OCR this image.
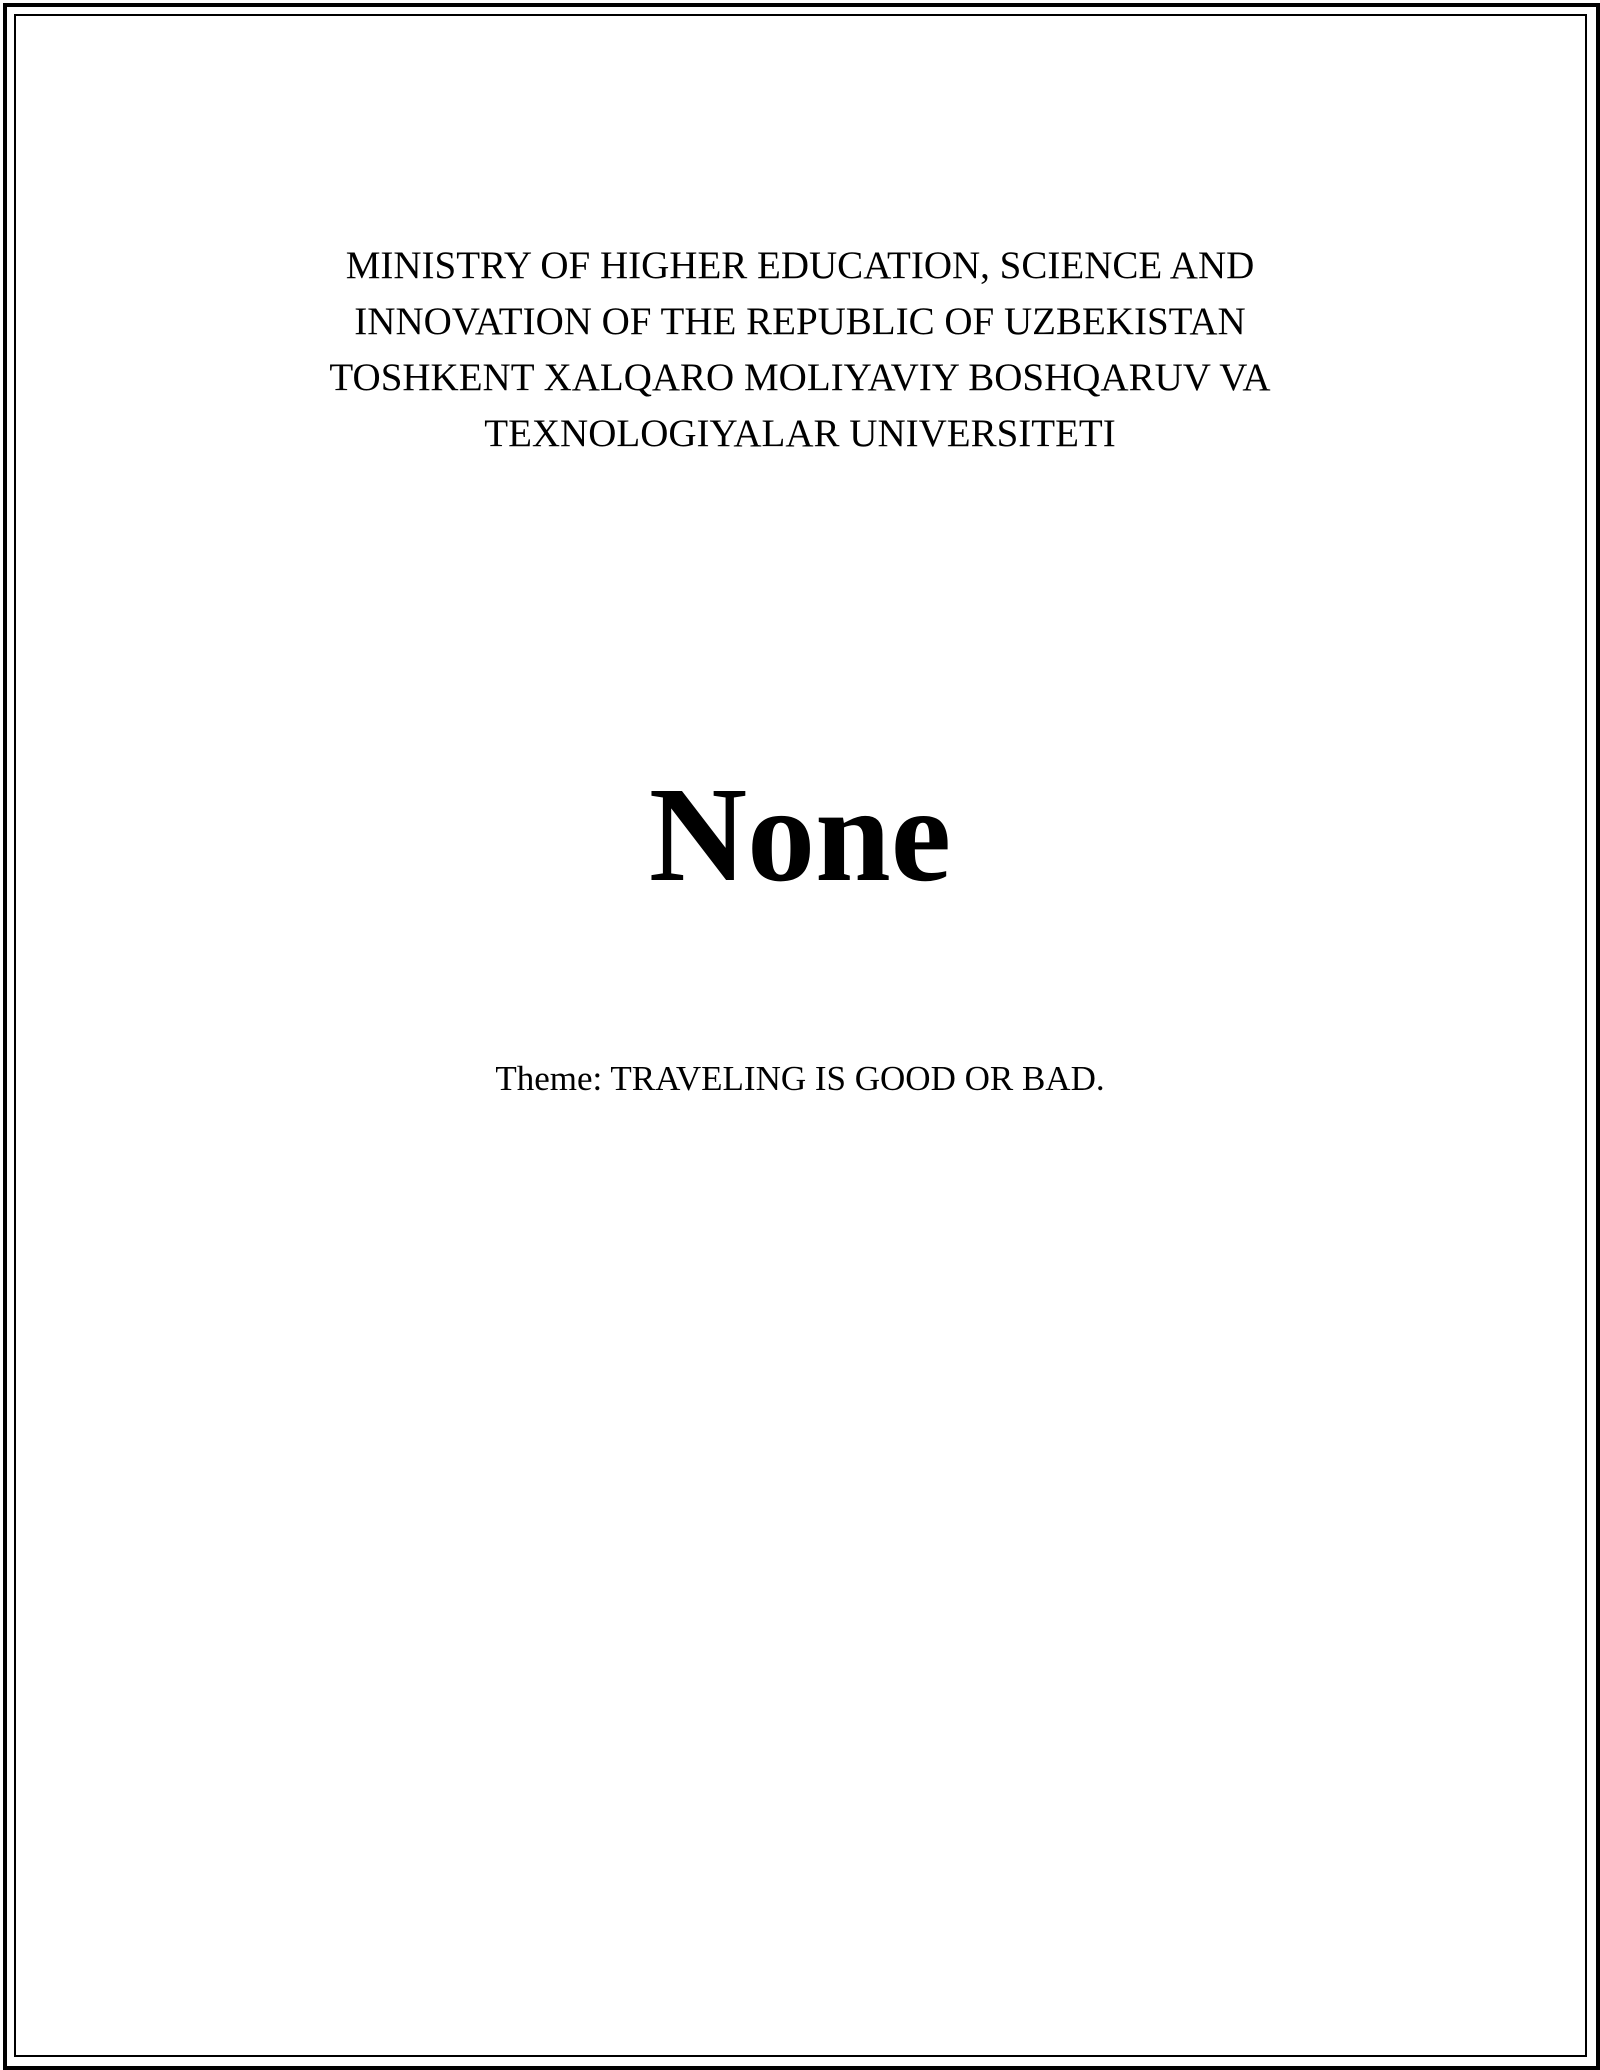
MINISTRY OF HIGHER EDUCATION, SCIENCE AND
INNOVATION OF THE REPUBLIC OF UZBEKISTAN
TOSHKENT XALQARO MOLIYAVIY BOSHQARUV VA
TEXNOLOGIYALAR UNIVERSITETI
None
Theme: TRAVELING IS GOOD OR BAD.
